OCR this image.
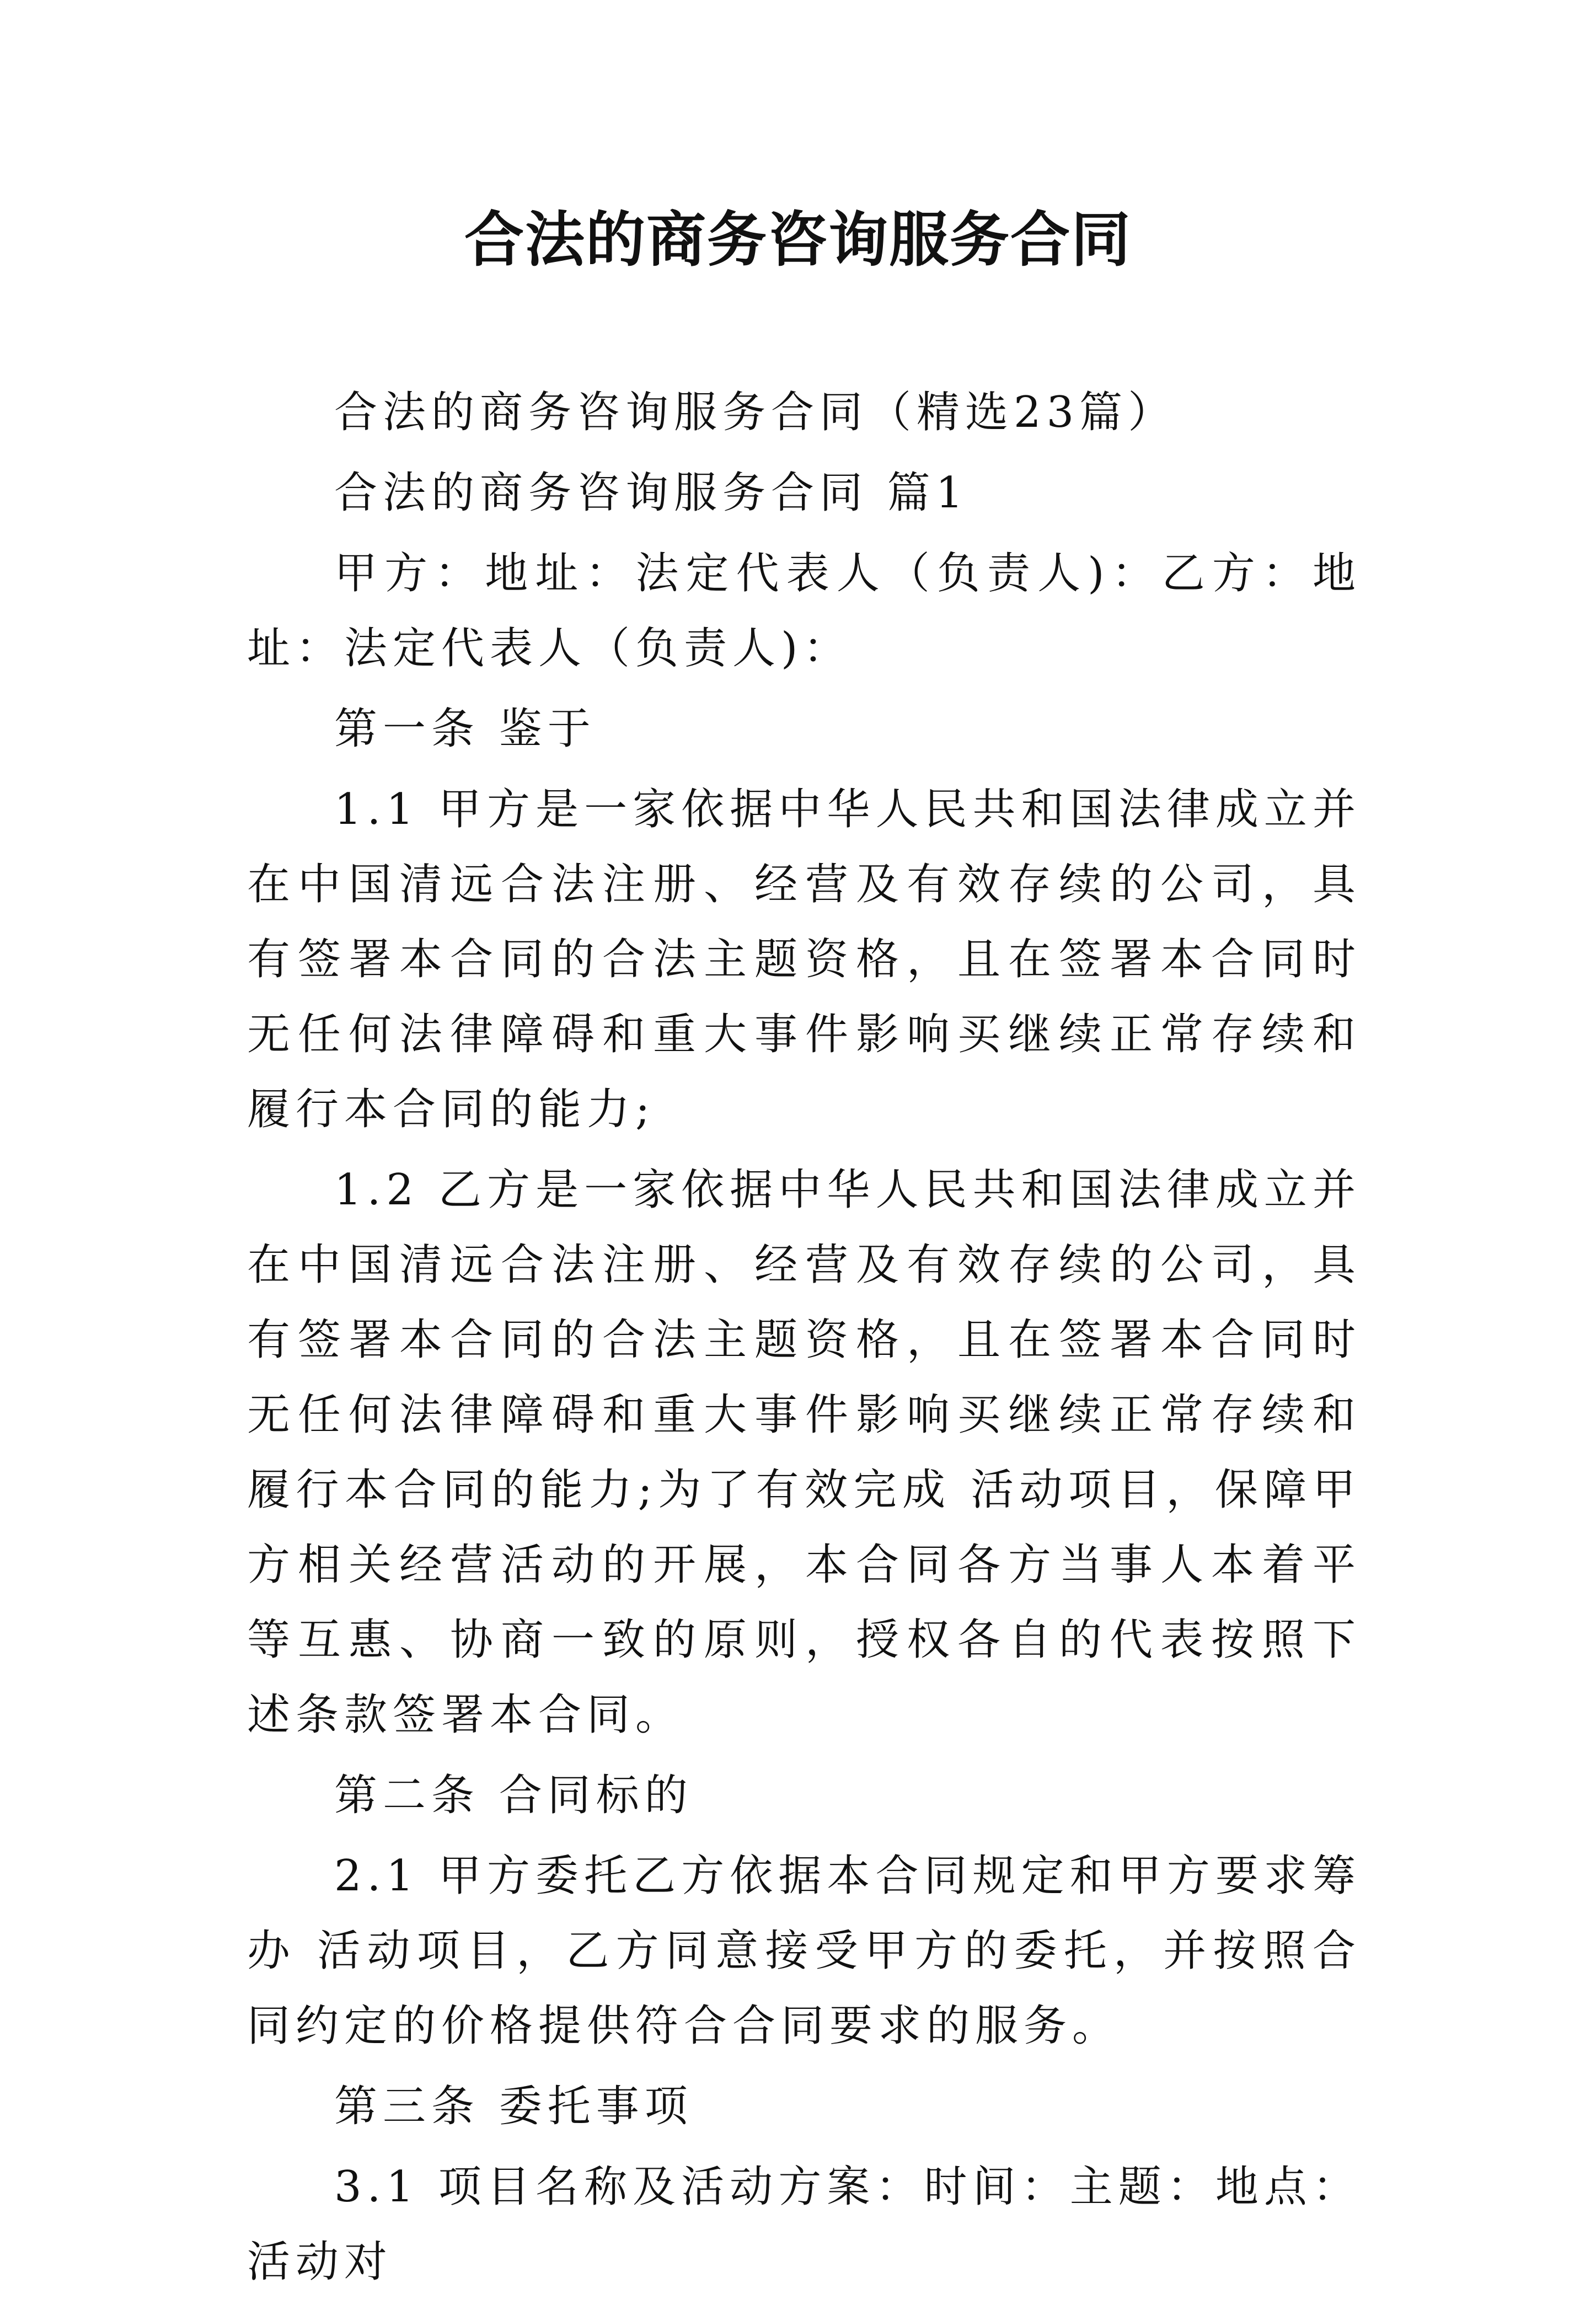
合法的商务咨询服务合同

合法的商务咨询服务合同（精选23篇）

合法的商务咨询服务合同 篇1

甲方：地址：法定代表人（负责人)：乙方：地址：法定代表人（负责人)：

第一条 鉴于

1.1 甲方是一家依据中华人民共和国法律成立并在中国清远合法注册、经营及有效存续的公司，具有签署本合同的合法主题资格，且在签署本合同时无任何法律障碍和重大事件影响买继续正常存续和履行本合同的能力;

1.2 乙方是一家依据中华人民共和国法律成立并在中国清远合法注册、经营及有效存续的公司，具有签署本合同的合法主题资格，且在签署本合同时无任何法律障碍和重大事件影响买继续正常存续和履行本合同的能力;为了有效完成 活动项目，保障甲方相关经营活动的开展，本合同各方当事人本着平等互惠、协商一致的原则，授权各自的代表按照下述条款签署本合同。

第二条 合同标的

2.1 甲方委托乙方依据本合同规定和甲方要求筹办 活动项目，乙方同意接受甲方的委托，并按照合同约定的价格提供符合合同要求的服务。

第三条 委托事项

3.1 项目名称及活动方案：时间：主题：地点：活动对
